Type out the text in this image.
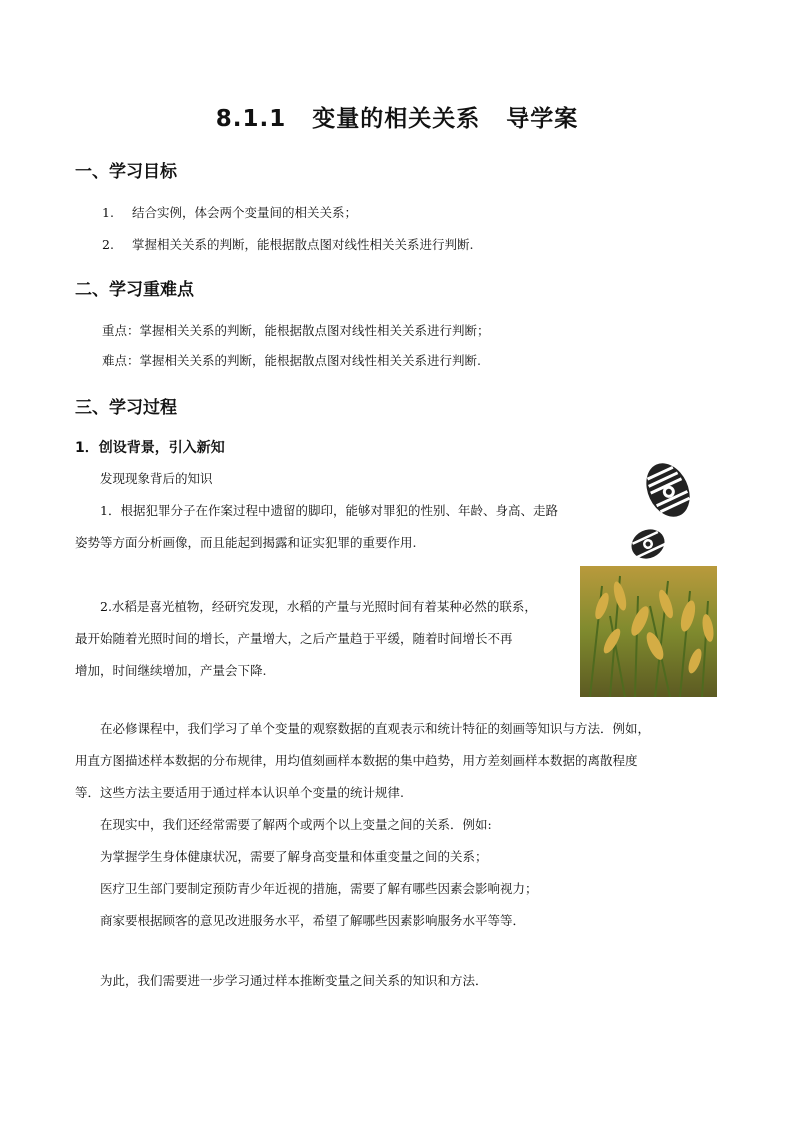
8.1.1 变量的相关关系 导学案
一、学习目标
1. 结合实例，体会两个变量间的相关关系；
2. 掌握相关关系的判断，能根据散点图对线性相关关系进行判断.
二、学习重难点
重点：掌握相关关系的判断，能根据散点图对线性相关关系进行判断；
难点：掌握相关关系的判断，能根据散点图对线性相关关系进行判断.
三、学习过程
1．创设背景，引入新知
发现现象背后的知识
1．根据犯罪分子在作案过程中遗留的脚印，能够对罪犯的性别、年龄、身高、走路
姿势等方面分析画像，而且能起到揭露和证实犯罪的重要作用.
2.水稻是喜光植物，经研究发现，水稻的产量与光照时间有着某种必然的联系，
最开始随着光照时间的增长，产量增大，之后产量趋于平缓，随着时间增长不再
增加，时间继续增加，产量会下降.
在必修课程中，我们学习了单个变量的观察数据的直观表示和统计特征的刻画等知识与方法．例如，
用直方图描述样本数据的分布规律，用均值刻画样本数据的集中趋势，用方差刻画样本数据的离散程度
等．这些方法主要适用于通过样本认识单个变量的统计规律.
在现实中，我们还经常需要了解两个或两个以上变量之间的关系．例如:
为掌握学生身体健康状况，需要了解身高变量和体重变量之间的关系；
医疗卫生部门要制定预防青少年近视的措施，需要了解有哪些因素会影响视力；
商家要根据顾客的意见改进服务水平，希望了解哪些因素影响服务水平等等．
为此，我们需要进一步学习通过样本推断变量之间关系的知识和方法．
